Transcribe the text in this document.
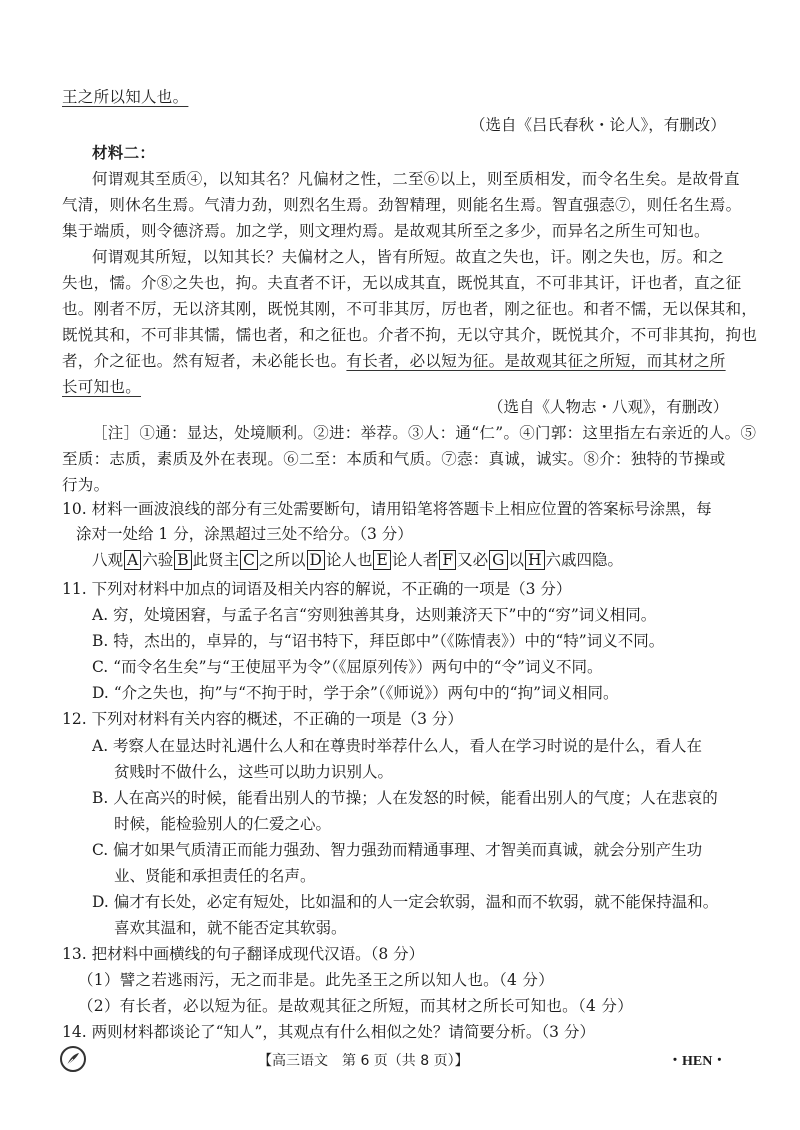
王之所以知人也。
（选自《吕氏春秋・论人》，有删改）
材料二：
何谓观其至质④，以知其名？凡偏材之性，二至⑥以上，则至质相发，而令名生矣。是故骨直
气清，则休名生焉。气清力劲，则烈名生焉。劲智精理，则能名生焉。智直强悫⑦，则任名生焉。
集于端质，则令德济焉。加之学，则文理灼焉。是故观其所至之多少，而异名之所生可知也。
何谓观其所短，以知其长？夫偏材之人，皆有所短。故直之失也，讦。刚之失也，厉。和之
失也，懦。介⑧之失也，拘。夫直者不讦，无以成其直，既悦其直，不可非其讦，讦也者，直之征
也。刚者不厉，无以济其刚，既悦其刚，不可非其厉，厉也者，刚之征也。和者不懦，无以保其和，
既悦其和，不可非其懦，懦也者，和之征也。介者不拘，无以守其介，既悦其介，不可非其拘，拘也
者，介之征也。然有短者，未必能长也。有长者，必以短为征。是故观其征之所短，而其材之所
长可知也。
（选自《人物志・八观》，有删改）
［注］①通：显达，处境顺利。②进：举荐。③人：通“仁”。④门郭：这里指左右亲近的人。⑤
至质：志质，素质及外在表现。⑥二至：本质和气质。⑦悫：真诚，诚实。⑧介：独特的节操或
行为。
10. 材料一画波浪线的部分有三处需要断句，请用铅笔将答题卡上相应位置的答案标号涂黑，每
涂对一处给 1 分，涂黑超过三处不给分。（3 分）
八观 A 六验 B 此贤主 C 之所以 D 论人也 E 论人者 F 又必 G 以 H 六戚四隐。
11. 下列对材料中加点的词语及相关内容的解说，不正确的一项是（3 分）
A. 穷，处境困窘，与孟子名言“穷则独善其身，达则兼济天下”中的“穷”词义相同。
B. 特，杰出的，卓异的，与“诏书特下，拜臣郎中”（《陈情表》）中的“特”词义不同。
C. “而令名生矣”与“王使屈平为令”（《屈原列传》）两句中的“令”词义不同。
D. “介之失也，拘”与“不拘于时，学于余”（《师说》）两句中的“拘”词义相同。
12. 下列对材料有关内容的概述，不正确的一项是（3 分）
A. 考察人在显达时礼遇什么人和在尊贵时举荐什么人，看人在学习时说的是什么，看人在
贫贱时不做什么，这些可以助力识别人。
B. 人在高兴的时候，能看出别人的节操；人在发怒的时候，能看出别人的气度；人在悲哀的
时候，能检验别人的仁爱之心。
C. 偏才如果气质清正而能力强劲、智力强劲而精通事理、才智美而真诚，就会分别产生功
业、贤能和承担责任的名声。
D. 偏才有长处，必定有短处，比如温和的人一定会软弱，温和而不软弱，就不能保持温和。
喜欢其温和，就不能否定其软弱。
13. 把材料中画横线的句子翻译成现代汉语。（8 分）
（1）譬之若逃雨污，无之而非是。此先圣王之所以知人也。（4 分）
（2）有长者，必以短为征。是故观其征之所短，而其材之所长可知也。（4 分）
14. 两则材料都谈论了“知人”，其观点有什么相似之处？请简要分析。（3 分）
【高三语文　第 6 页（共 8 页）】	・HEN・
